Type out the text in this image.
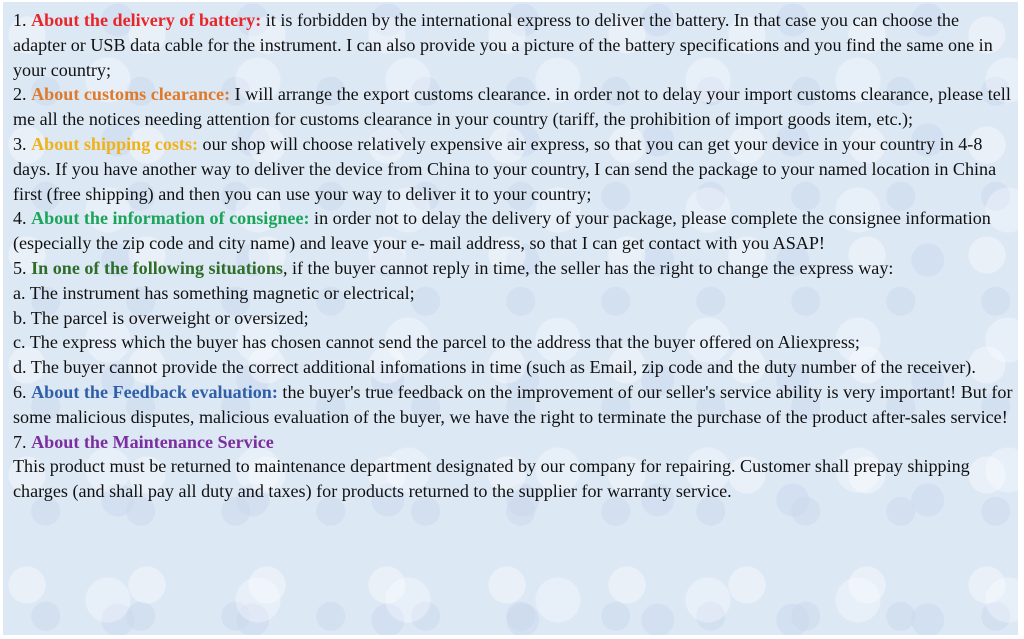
1. About the delivery of battery: it is forbidden by the international express to deliver the battery. In that case you can choose the adapter or USB data cable for the instrument. I can also provide you a picture of the battery specifications and you find the same one in your country;

2. About customs clearance: I will arrange the export customs clearance. in order not to delay your import customs clearance, please tell me all the notices needing attention for customs clearance in your country (tariff, the prohibition of import goods item, etc.);

3. About shipping costs: our shop will choose relatively expensive air express, so that you can get your device in your country in 4-8 days. If you have another way to deliver the device from China to your country, I can send the package to your named location in China first (free shipping) and then you can use your way to deliver it to your country;

4. About the information of consignee: in order not to delay the delivery of your package, please complete the consignee information (especially the zip code and city name) and leave your e- mail address, so that I can get contact with you ASAP!

5. In one of the following situations, if the buyer cannot reply in time, the seller has the right to change the express way:

a. The instrument has something magnetic or electrical;

b. The parcel is overweight or oversized;

c. The express which the buyer has chosen cannot send the parcel to the address that the buyer offered on Aliexpress;

d. The buyer cannot provide the correct additional infomations in time (such as Email, zip code and the duty number of the receiver).

6. About the Feedback evaluation: the buyer's true feedback on the improvement of our seller's service ability is very important! But for some malicious disputes, malicious evaluation of the buyer, we have the right to terminate the purchase of the product after-sales service!

7. About the Maintenance Service

This product must be returned to maintenance department designated by our company for repairing. Customer shall prepay shipping charges (and shall pay all duty and taxes) for products returned to the supplier for warranty service.
